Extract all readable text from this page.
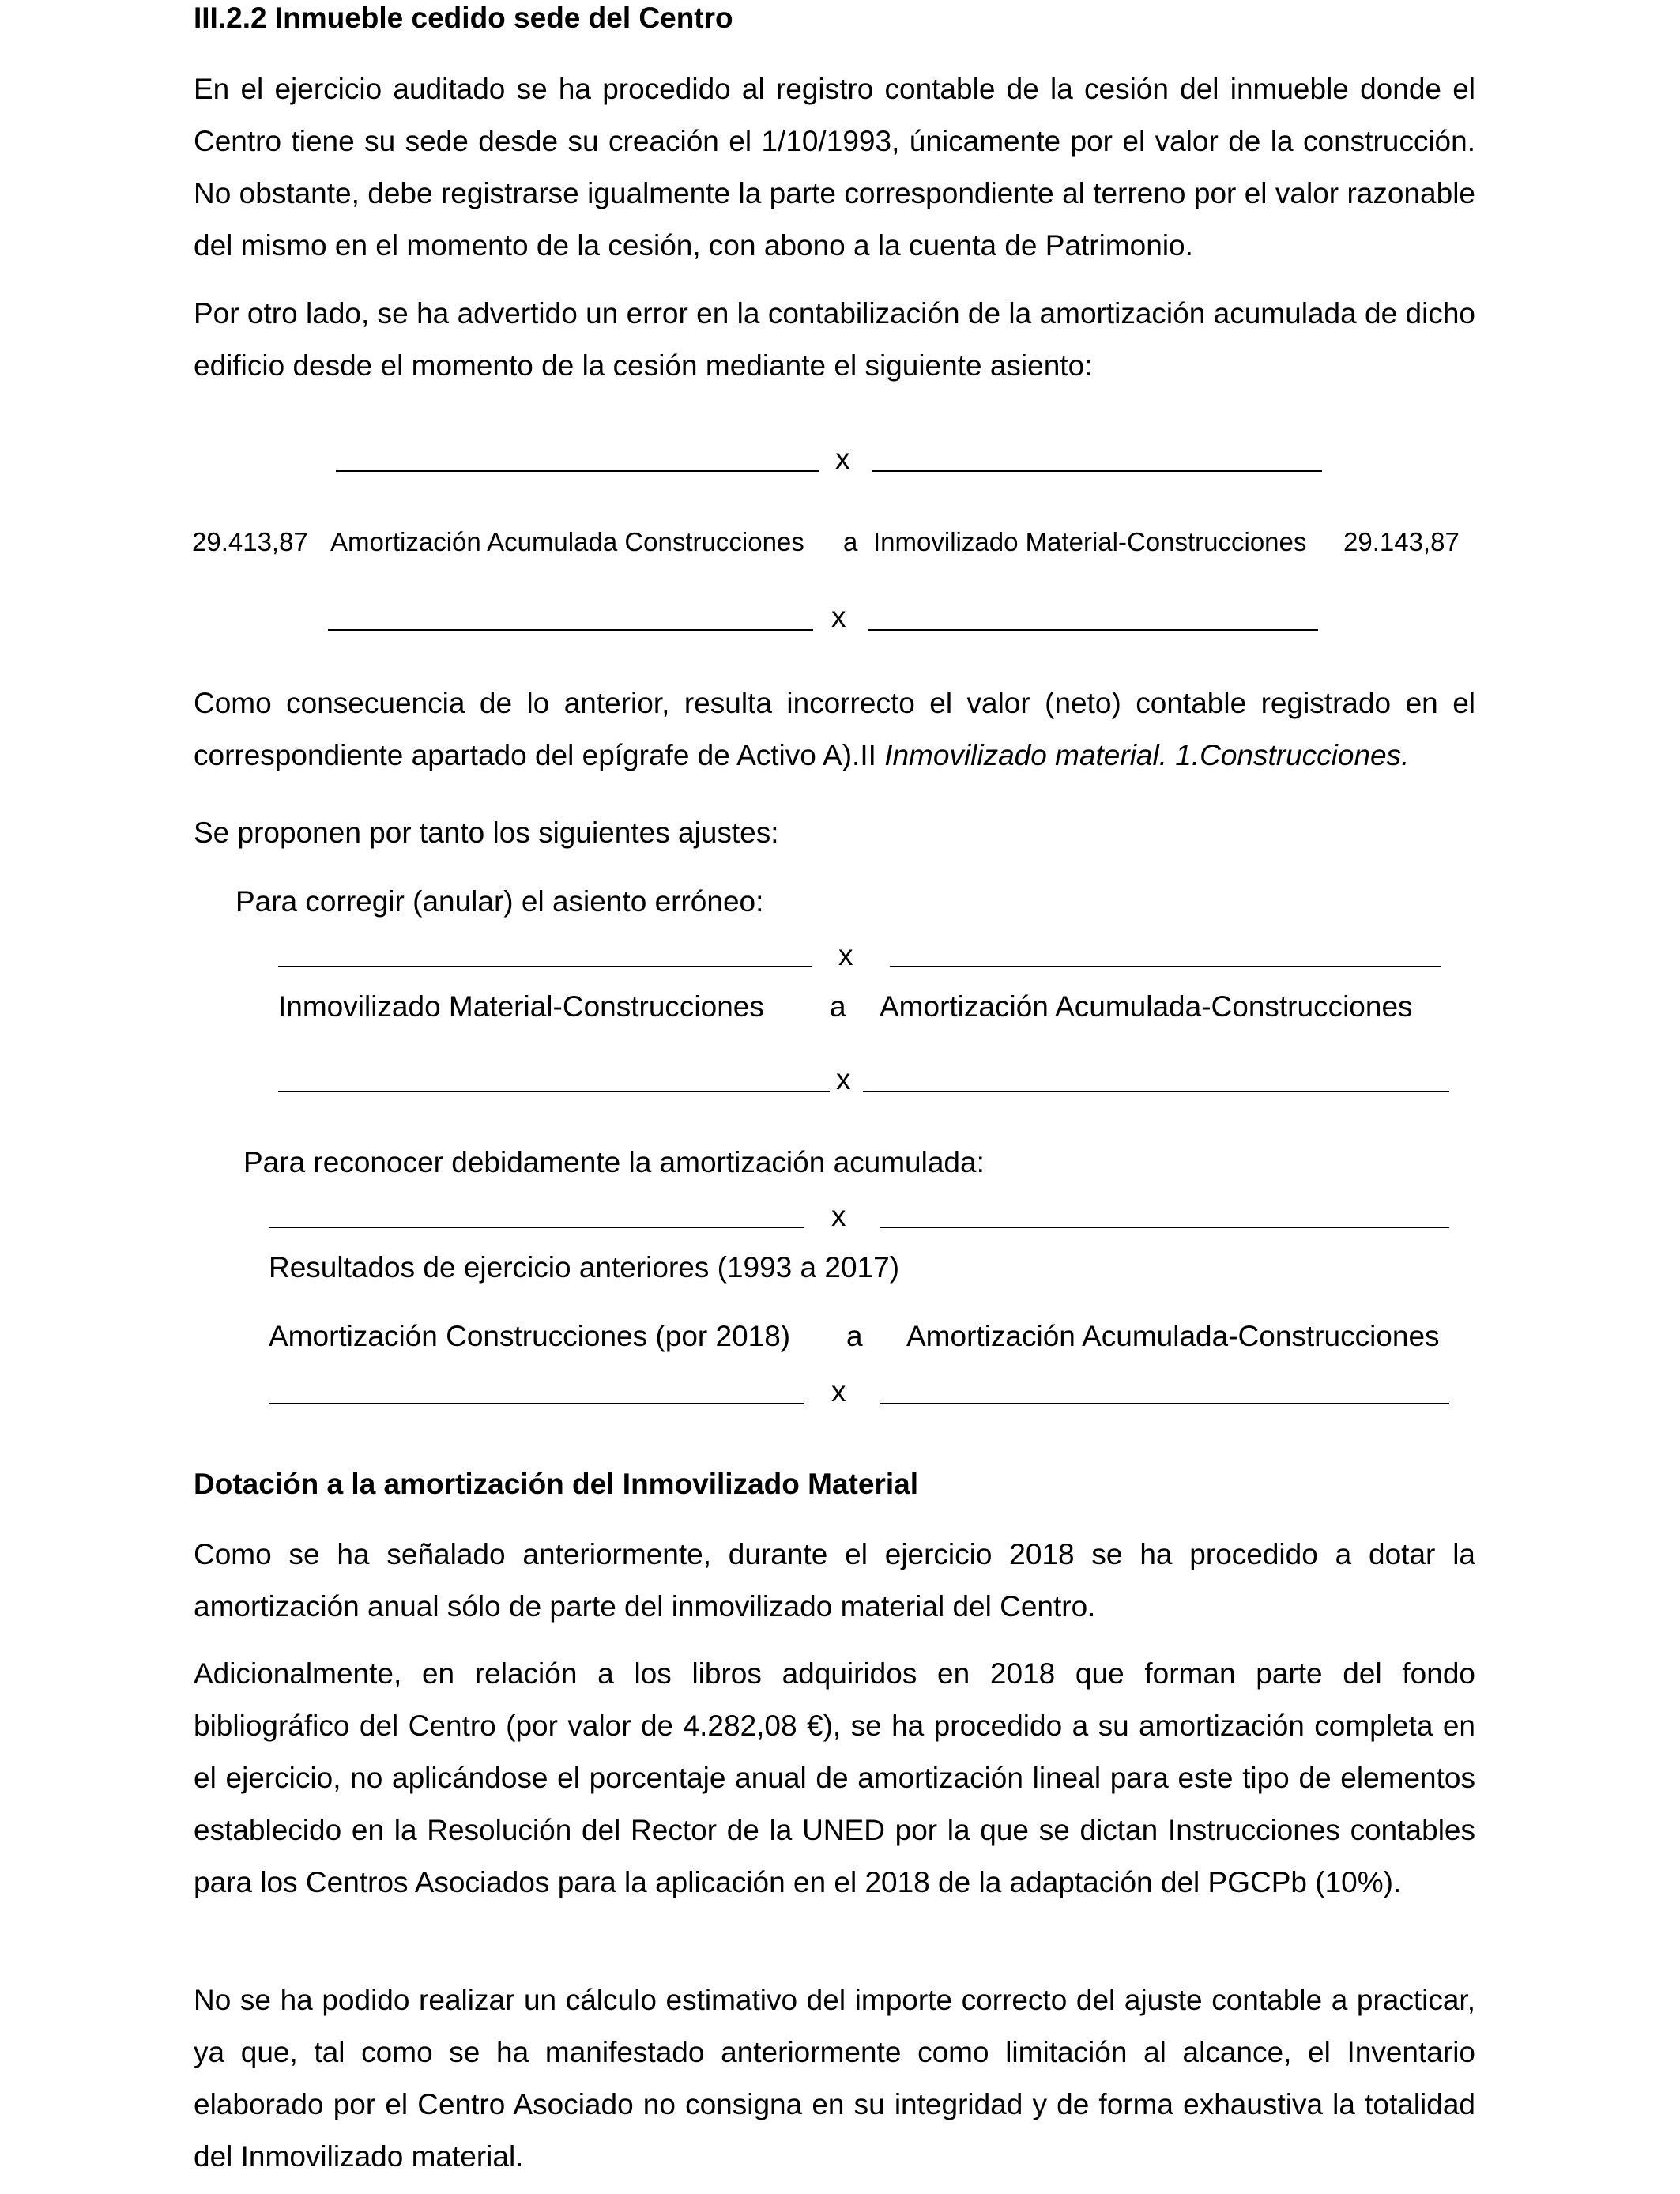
III.2.2 Inmueble cedido sede del Centro
En el ejercicio auditado se ha procedido al registro contable de la cesión del inmueble donde el Centro tiene su sede desde su creación el 1/10/1993, únicamente por el valor de la construcción. No obstante, debe registrarse igualmente la parte correspondiente al terreno por el valor razonable del mismo en el momento de la cesión, con abono a la cuenta de Patrimonio.
Por otro lado, se ha advertido un error en la contabilización de la amortización acumulada de dicho edificio desde el momento de la cesión mediante el siguiente asiento:
x
29.413,87 Amortización Acumulada Construcciones a Inmovilizado Material-Construcciones 29.143,87
x
Como consecuencia de lo anterior, resulta incorrecto el valor (neto) contable registrado en el correspondiente apartado del epígrafe de Activo A).II Inmovilizado material. 1.Construcciones.
Se proponen por tanto los siguientes ajustes:
Para corregir (anular) el asiento erróneo:
x
Inmovilizado Material-Construcciones a Amortización Acumulada-Construcciones
x
Para reconocer debidamente la amortización acumulada:
x
Resultados de ejercicio anteriores (1993 a 2017)
Amortización Construcciones (por 2018) a Amortización Acumulada-Construcciones
x
Dotación a la amortización del Inmovilizado Material
Como se ha señalado anteriormente, durante el ejercicio 2018 se ha procedido a dotar la amortización anual sólo de parte del inmovilizado material del Centro.
Adicionalmente, en relación a los libros adquiridos en 2018 que forman parte del fondo bibliográfico del Centro (por valor de 4.282,08 €), se ha procedido a su amortización completa en el ejercicio, no aplicándose el porcentaje anual de amortización lineal para este tipo de elementos establecido en la Resolución del Rector de la UNED por la que se dictan Instrucciones contables para los Centros Asociados para la aplicación en el 2018 de la adaptación del PGCPb (10%).
No se ha podido realizar un cálculo estimativo del importe correcto del ajuste contable a practicar, ya que, tal como se ha manifestado anteriormente como limitación al alcance, el Inventario elaborado por el Centro Asociado no consigna en su integridad y de forma exhaustiva la totalidad del Inmovilizado material.
